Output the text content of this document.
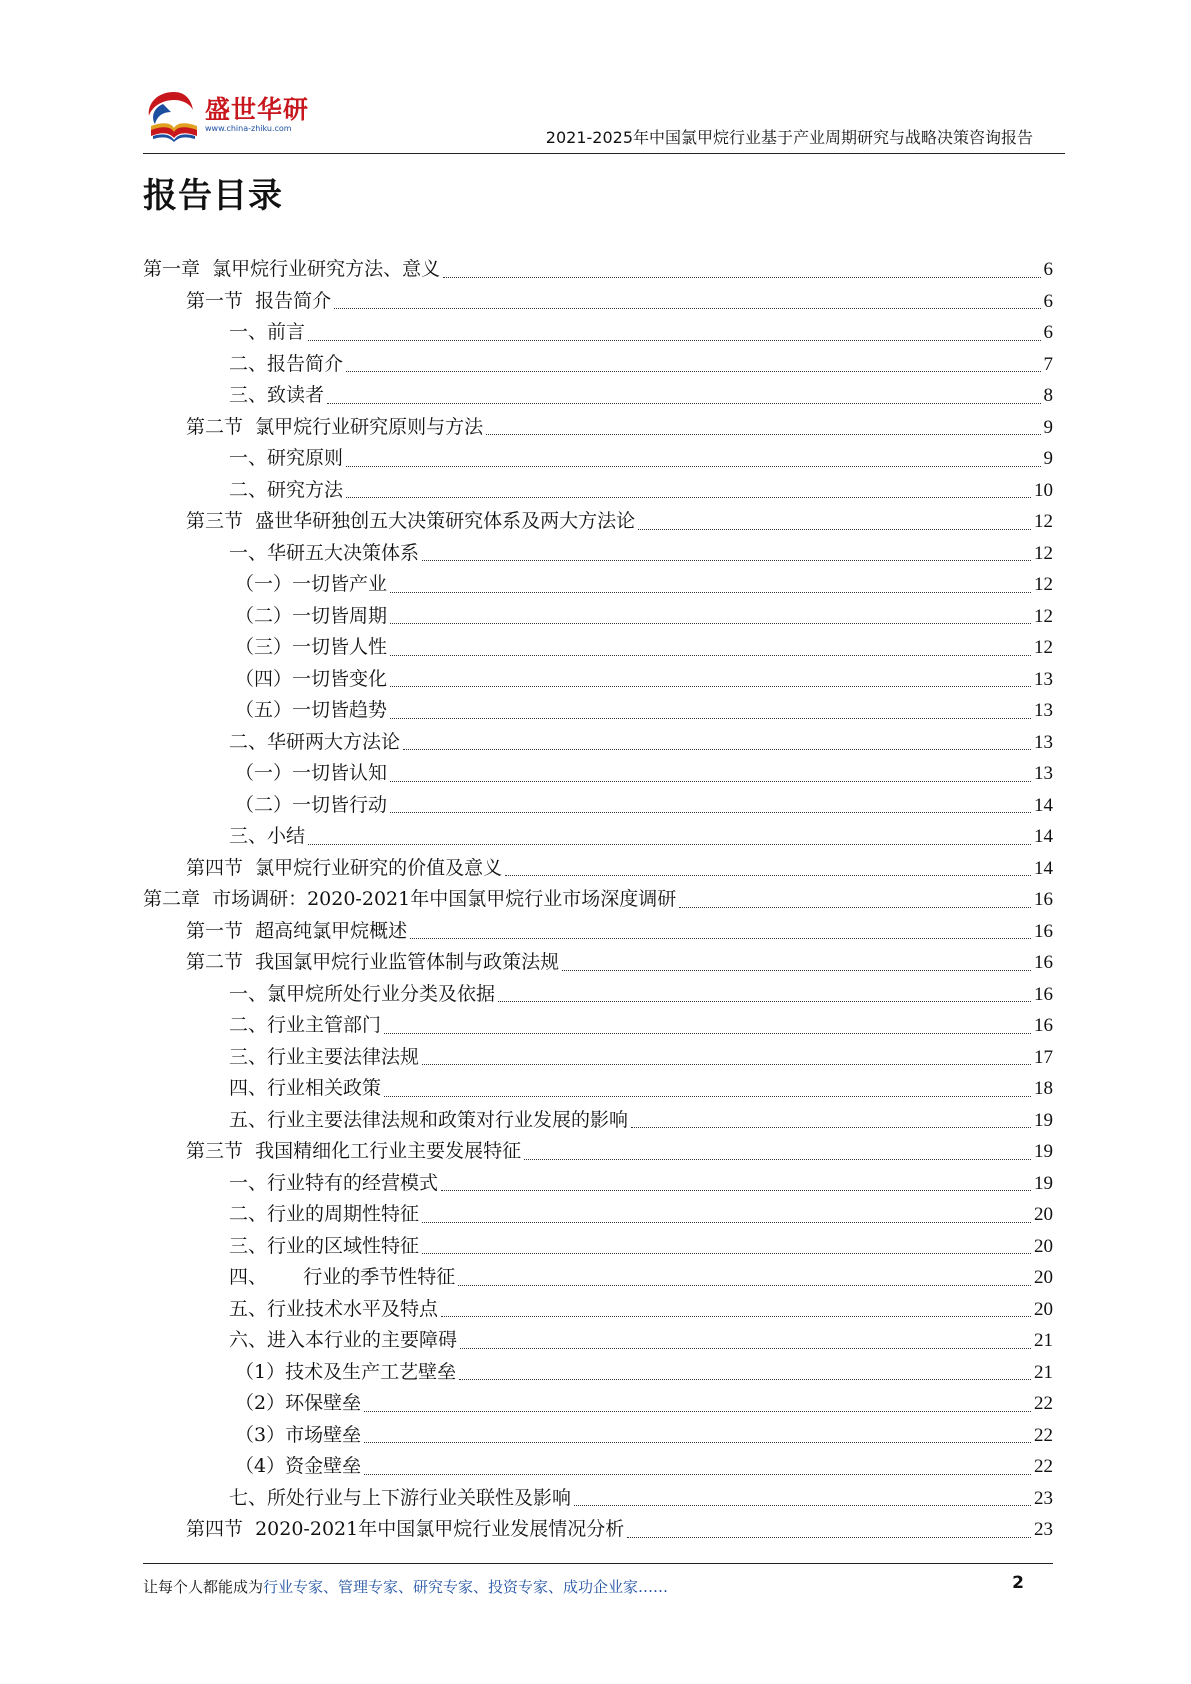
盛世华研
www.china-zhiku.com	2021-2025年中国氯甲烷行业基于产业周期研究与战略决策咨询报告
报告目录
第一章  氯甲烷行业研究方法、意义	6
第一节  报告简介	6
一、前言	6
二、报告简介	7
三、致读者	8
第二节  氯甲烷行业研究原则与方法	9
一、研究原则	9
二、研究方法	10
第三节  盛世华研独创五大决策研究体系及两大方法论	12
一、华研五大决策体系	12
（一）一切皆产业	12
（二）一切皆周期	12
（三）一切皆人性	12
（四）一切皆变化	13
（五）一切皆趋势	13
二、华研两大方法论	13
（一）一切皆认知	13
（二）一切皆行动	14
三、小结	14
第四节  氯甲烷行业研究的价值及意义	14
第二章  市场调研：2020-2021年中国氯甲烷行业市场深度调研	16
第一节  超高纯氯甲烷概述	16
第二节  我国氯甲烷行业监管体制与政策法规	16
一、氯甲烷所处行业分类及依据	16
二、行业主管部门	16
三、行业主要法律法规	17
四、行业相关政策	18
五、行业主要法律法规和政策对行业发展的影响	19
第三节  我国精细化工行业主要发展特征	19
一、行业特有的经营模式	19
二、行业的周期性特征	20
三、行业的区域性特征	20
四、      行业的季节性特征	20
五、行业技术水平及特点	20
六、进入本行业的主要障碍	21
（1）技术及生产工艺壁垒	21
（2）环保壁垒	22
（3）市场壁垒	22
（4）资金壁垒	22
七、所处行业与上下游行业关联性及影响	23
第四节  2020-2021年中国氯甲烷行业发展情况分析	23
让每个人都能成为行业专家、管理专家、研究专家、投资专家、成功企业家……	2
